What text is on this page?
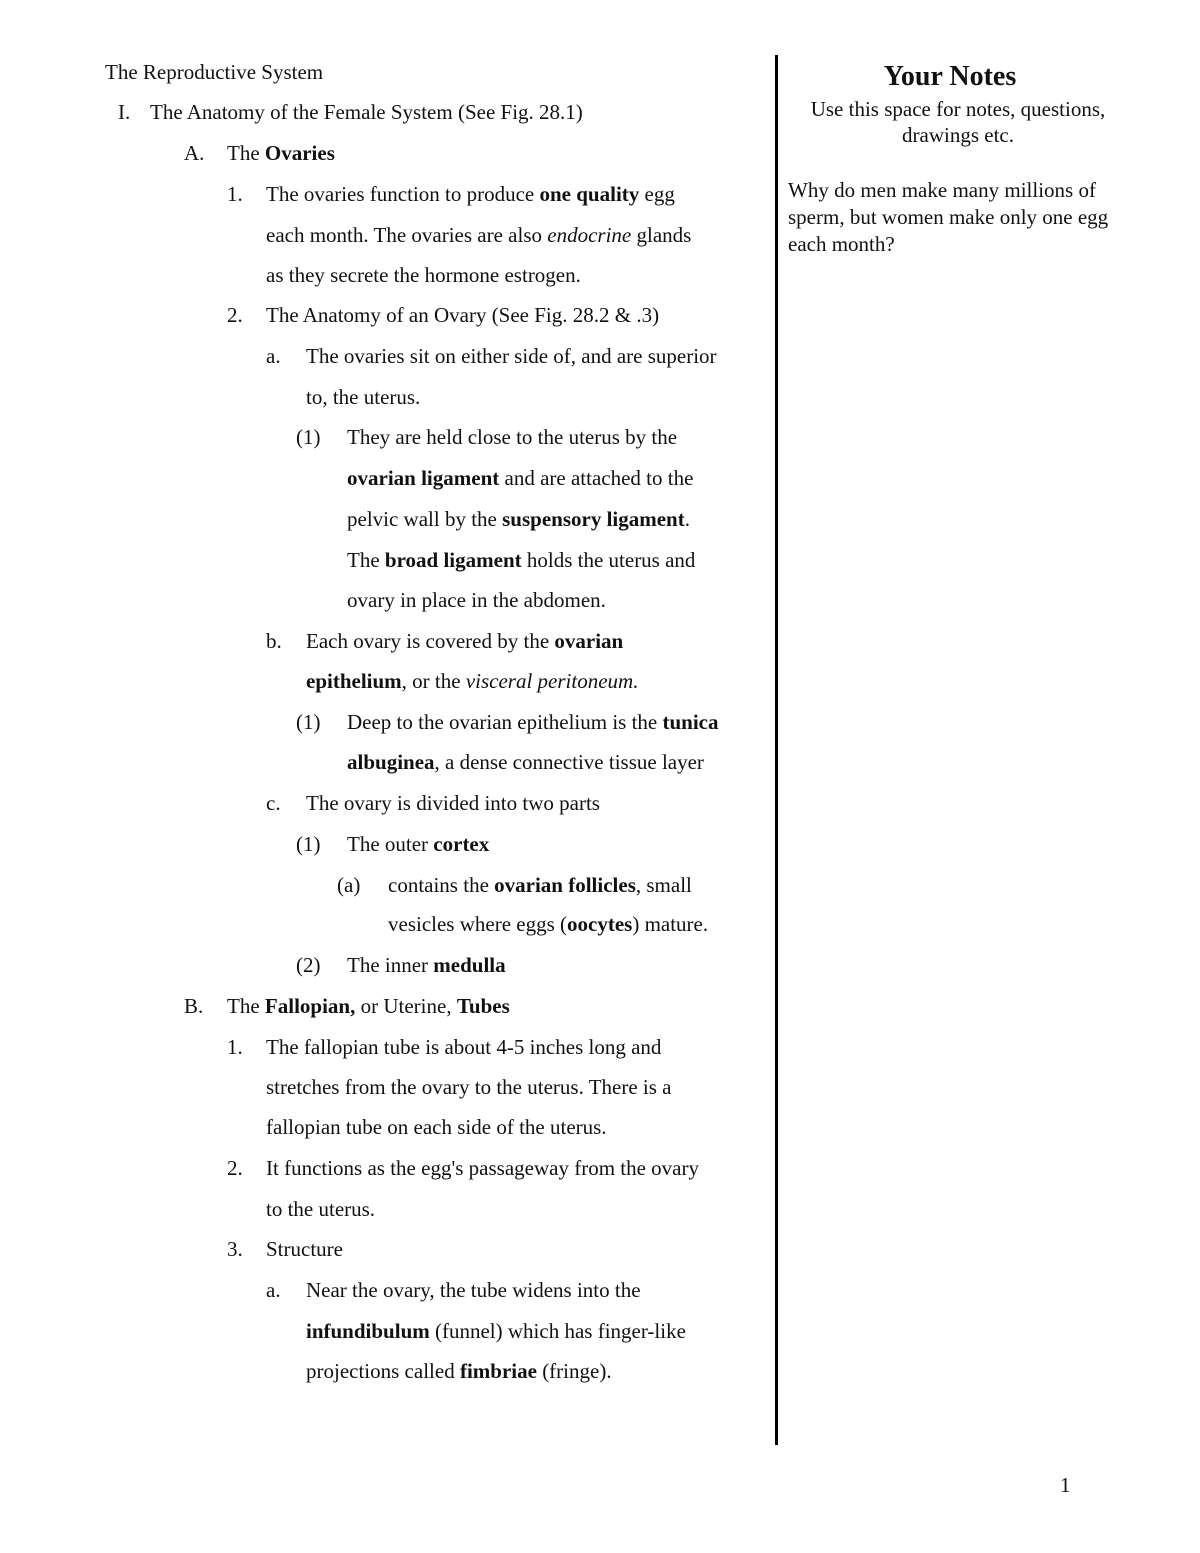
The Reproductive System
I. The Anatomy of the Female System (See Fig. 28.1)
A. The Ovaries
1. The ovaries function to produce one quality egg
each month. The ovaries are also endocrine glands
as they secrete the hormone estrogen.
2. The Anatomy of an Ovary (See Fig. 28.2 & .3)
a. The ovaries sit on either side of, and are superior
to, the uterus.
(1) They are held close to the uterus by the
ovarian ligament and are attached to the
pelvic wall by the suspensory ligament.
The broad ligament holds the uterus and
ovary in place in the abdomen.
b. Each ovary is covered by the ovarian
epithelium, or the visceral peritoneum.
(1) Deep to the ovarian epithelium is the tunica
albuginea, a dense connective tissue layer
c. The ovary is divided into two parts
(1) The outer cortex
(a) contains the ovarian follicles, small
vesicles where eggs (oocytes) mature.
(2) The inner medulla
B. The Fallopian, or Uterine, Tubes
1. The fallopian tube is about 4-5 inches long and
stretches from the ovary to the uterus. There is a
fallopian tube on each side of the uterus.
2. It functions as the egg's passageway from the ovary
to the uterus.
3. Structure
a. Near the ovary, the tube widens into the
infundibulum (funnel) which has finger-like
projections called fimbriae (fringe).
Your Notes
Use this space for notes, questions, drawings etc.
Why do men make many millions of sperm, but women make only one egg each month?
1
